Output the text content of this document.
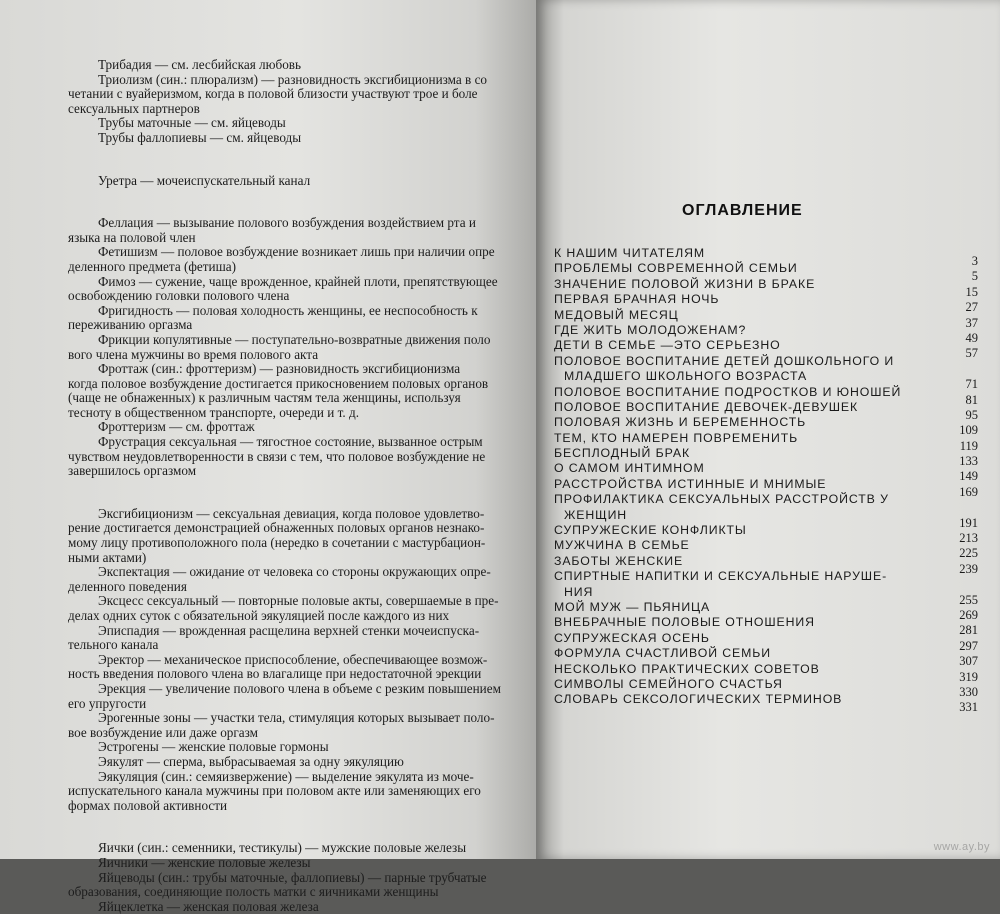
Трибадия — см. лесбийская любовь
Триолизм (син.: плюрализм) — разновидность эксгибиционизма в со
четании с вуайеризмом, когда в половой близости участвуют трое и боле
сексуальных партнеров
Трубы маточные — см. яйцеводы
Трубы фаллопиевы — см. яйцеводы
Уретра — мочеиспускательный канал
Феллация — вызывание полового возбуждения воздействием рта и
языка на половой член
Фетишизм — половое возбуждение возникает лишь при наличии опре
деленного предмета (фетиша)
Фимоз — сужение, чаще врожденное, крайней плоти, препятствующее
освобождению головки полового члена
Фригидность — половая холодность женщины, ее неспособность к
переживанию оргазма
Фрикции копулятивные — поступательно-возвратные движения поло
вого члена мужчины во время полового акта
Фроттаж (син.: фроттеризм) — разновидность эксгибиционизма
когда половое возбуждение достигается прикосновением половых органов
(чаще не обнаженных) к различным частям тела женщины, используя
тесноту в общественном транспорте, очереди и т. д.
Фроттеризм — см. фроттаж
Фрустрация сексуальная — тягостное состояние, вызванное острым
чувством неудовлетворенности в связи с тем, что половое возбуждение не
завершилось оргазмом
Эксгибиционизм — сексуальная девиация, когда половое удовлетво-
рение достигается демонстрацией обнаженных половых органов незнако-
мому лицу противоположного пола (нередко в сочетании с мастурбацион-
ными актами)
Экспектация — ожидание от человека со стороны окружающих опре-
деленного поведения
Эксцесс сексуальный — повторные половые акты, совершаемые в пре-
делах одних суток с обязательной эякуляцией после каждого из них
Эписпадия — врожденная расщелина верхней стенки мочеиспуска-
тельного канала
Эректор — механическое приспособление, обеспечивающее возмож-
ность введения полового члена во влагалище при недостаточной эрекции
Эрекция — увеличение полового члена в объеме с резким повышением
его упругости
Эрогенные зоны — участки тела, стимуляция которых вызывает поло-
вое возбуждение или даже оргазм
Эстрогены — женские половые гормоны
Эякулят — сперма, выбрасываемая за одну эякуляцию
Эякуляция (син.: семяизвержение) — выделение эякулята из моче-
испускательного канала мужчины при половом акте или заменяющих его
формах половой активности
Яички (син.: семенники, тестикулы) — мужские половые железы
Яичники — женские половые железы
Яйцеводы (син.: трубы маточные, фаллопиевы) — парные трубчатые
образования, соединяющие полость матки с яичниками женщины
Яйцеклетка — женская половая железа
ОГЛАВЛЕНИЕ
К НАШИМ ЧИТАТЕЛЯМ
3
ПРОБЛЕМЫ СОВРЕМЕННОЙ СЕМЬИ
5
ЗНАЧЕНИЕ ПОЛОВОЙ ЖИЗНИ В БРАКЕ
15
ПЕРВАЯ БРАЧНАЯ НОЧЬ
27
МЕДОВЫЙ МЕСЯЦ
37
ГДЕ ЖИТЬ МОЛОДОЖЕНАМ?
49
ДЕТИ В СЕМЬЕ —ЭТО СЕРЬЕЗНО
57
ПОЛОВОЕ ВОСПИТАНИЕ ДЕТЕЙ ДОШКОЛЬНОГО И
МЛАДШЕГО ШКОЛЬНОГО ВОЗРАСТА
71
ПОЛОВОЕ ВОСПИТАНИЕ ПОДРОСТКОВ И ЮНОШЕЙ
81
ПОЛОВОЕ ВОСПИТАНИЕ ДЕВОЧЕК-ДЕВУШЕК
95
ПОЛОВАЯ ЖИЗНЬ И БЕРЕМЕННОСТЬ
109
ТЕМ, КТО НАМЕРЕН ПОВРЕМЕНИТЬ
119
БЕСПЛОДНЫЙ БРАК
133
О САМОМ ИНТИМНОМ
149
РАССТРОЙСТВА ИСТИННЫЕ И МНИМЫЕ
169
ПРОФИЛАКТИКА СЕКСУАЛЬНЫХ РАССТРОЙСТВ У
ЖЕНЩИН
191
СУПРУЖЕСКИЕ КОНФЛИКТЫ
213
МУЖЧИНА В СЕМЬЕ
225
ЗАБОТЫ ЖЕНСКИЕ
239
СПИРТНЫЕ НАПИТКИ И СЕКСУАЛЬНЫЕ НАРУШЕ-
НИЯ
255
МОЙ МУЖ — ПЬЯНИЦА
269
ВНЕБРАЧНЫЕ ПОЛОВЫЕ ОТНОШЕНИЯ
281
СУПРУЖЕСКАЯ ОСЕНЬ
297
ФОРМУЛА СЧАСТЛИВОЙ СЕМЬИ
307
НЕСКОЛЬКО ПРАКТИЧЕСКИХ СОВЕТОВ
319
СИМВОЛЫ СЕМЕЙНОГО СЧАСТЬЯ
330
СЛОВАРЬ СЕКСОЛОГИЧЕСКИХ ТЕРМИНОВ
331
www.ay.by
